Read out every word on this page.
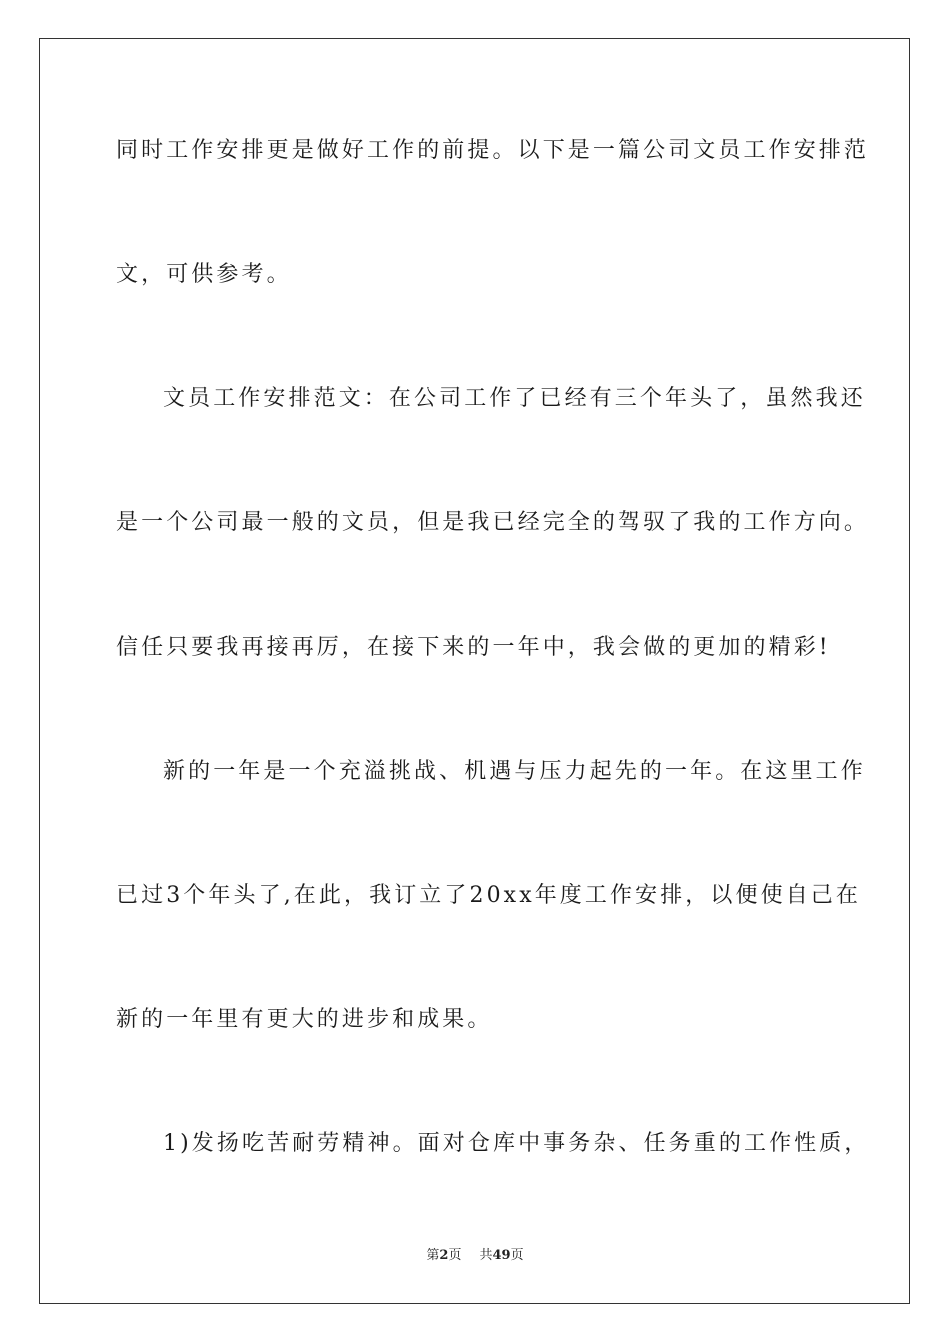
同时工作安排更是做好工作的前提。以下是一篇公司文员工作安排范
文，可供参考。
文员工作安排范文：在公司工作了已经有三个年头了，虽然我还
是一个公司最一般的文员，但是我已经完全的驾驭了我的工作方向。
信任只要我再接再厉，在接下来的一年中，我会做的更加的精彩!
新的一年是一个充溢挑战、机遇与压力起先的一年。在这里工作
已过3个年头了,在此，我订立了20xx年度工作安排，以便使自己在
新的一年里有更大的进步和成果。
1)发扬吃苦耐劳精神。面对仓库中事务杂、任务重的工作性质，
第2页 共49页
